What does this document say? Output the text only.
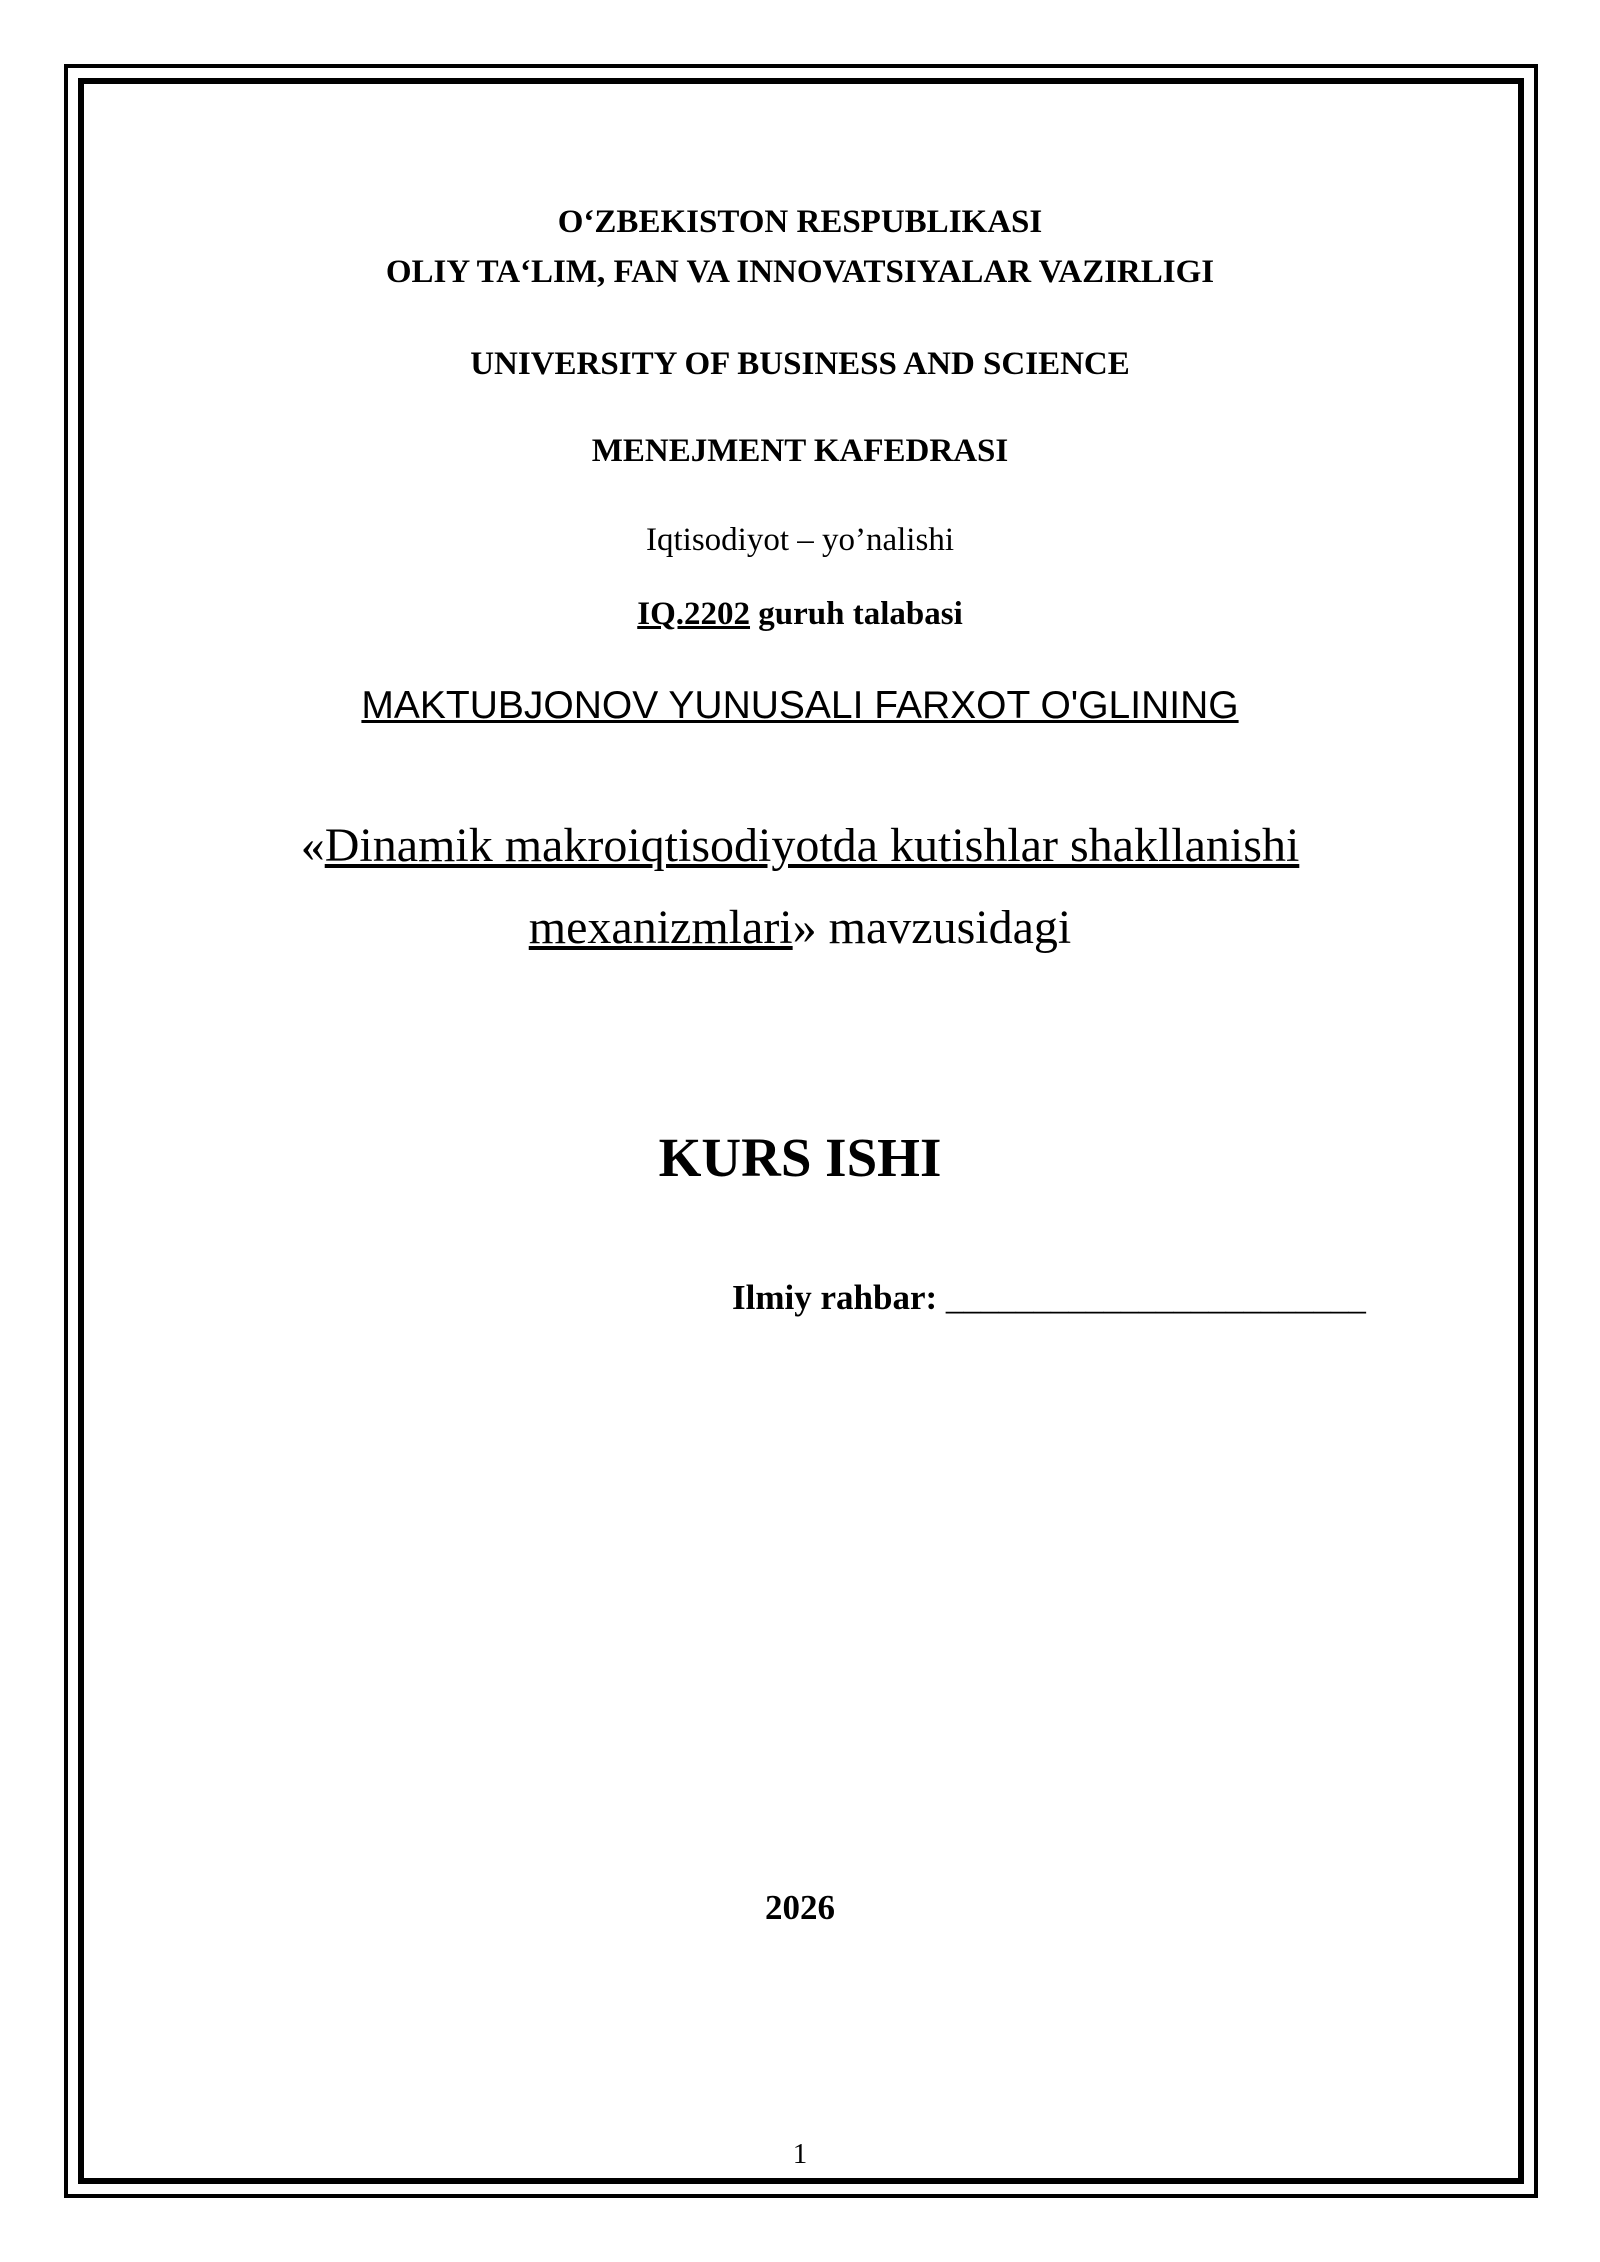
O‘ZBEKISTON RESPUBLIKASI
OLIY TA‘LIM, FAN VA INNOVATSIYALAR VAZIRLIGI
UNIVERSITY OF BUSINESS AND SCIENCE
MENEJMENT KAFEDRASI
Iqtisodiyot – yo’nalishi
IQ.2202 guruh talabasi
MAKTUBJONOV YUNUSALI FARXOT O'GLINING
«Dinamik makroiqtisodiyotda kutishlar shakllanishi
mexanizmlari» mavzusidagi
KURS ISHI
Ilmiy rahbar: ________________________
2026
1
